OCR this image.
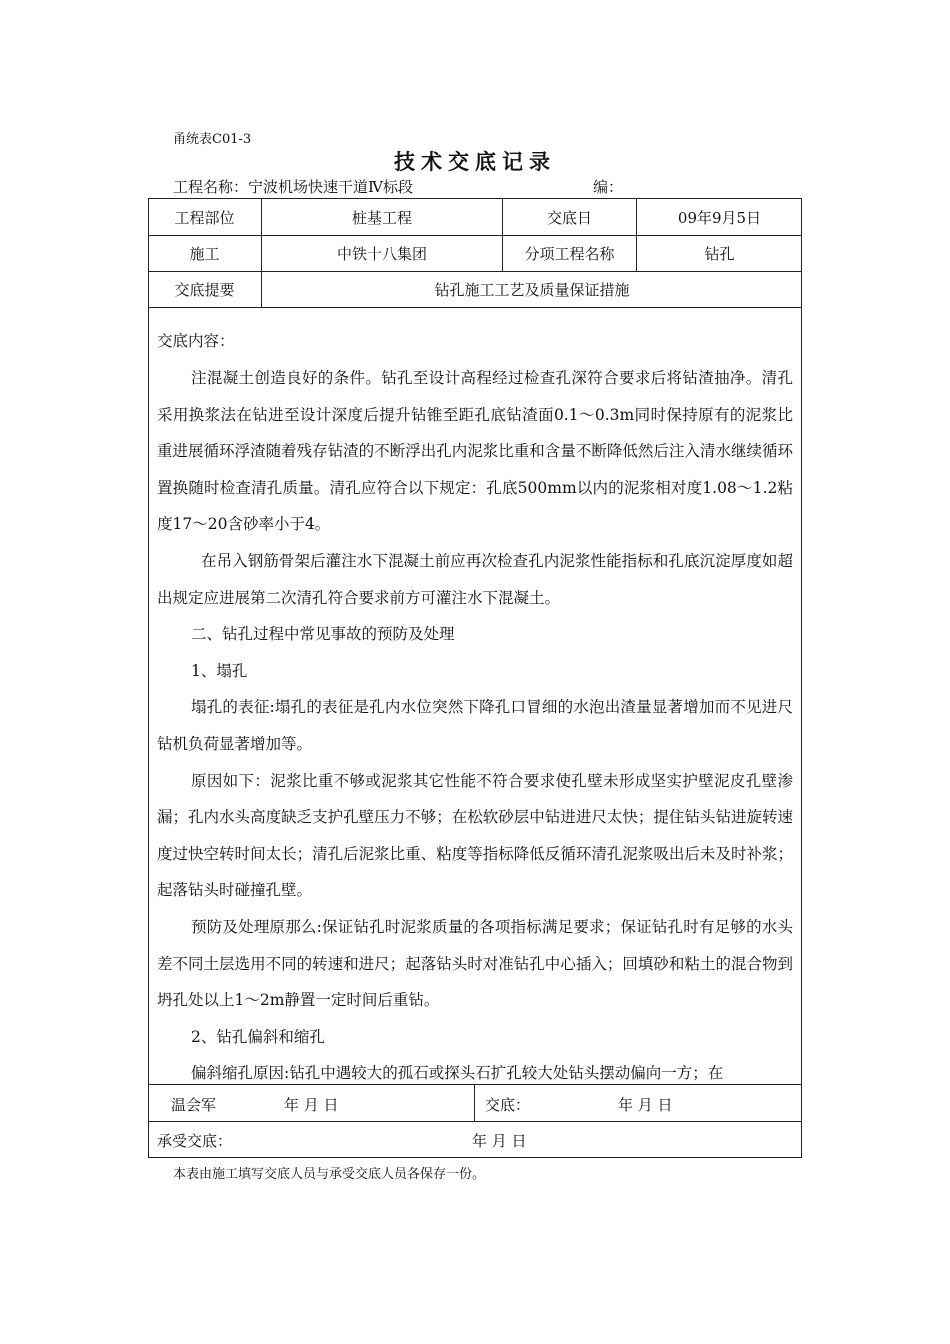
甬统表C01-3
技术交底记录
工程名称：宁波机场快速干道Ⅳ标段	编：
工程部位	桩基工程	交底日	09年9月5日
施工	中铁十八集团	分项工程名称	钻孔
交底提要	钻孔施工工艺及质量保证措施

交底内容：

注混凝土创造良好的条件。钻孔至设计高程经过检查孔深符合要求后将钻渣抽净。清孔采用换浆法在钻进至设计深度后提升钻锥至距孔底钻渣面0.1～0.3m同时保持原有的泥浆比重进展循环浮渣随着残存钻渣的不断浮出孔内泥浆比重和含量不断降低然后注入清水继续循环置换随时检查清孔质量。清孔应符合以下规定：孔底500mm以内的泥浆相对度1.08～1.2粘度17～20含砂率小于4。

在吊入钢筋骨架后灌注水下混凝土前应再次检查孔内泥浆性能指标和孔底沉淀厚度如超出规定应进展第二次清孔符合要求前方可灌注水下混凝土。

二、钻孔过程中常见事故的预防及处理

1、塌孔

塌孔的表征:塌孔的表征是孔内水位突然下降孔口冒细的水泡出渣量显著增加而不见进尺钻机负荷显著增加等。

原因如下：泥浆比重不够或泥浆其它性能不符合要求使孔壁未形成坚实护壁泥皮孔壁渗漏；孔内水头高度缺乏支护孔壁压力不够；在松软砂层中钻进进尺太快；提住钻头钻进旋转速度过快空转时间太长；清孔后泥浆比重、粘度等指标降低反循环清孔泥浆吸出后未及时补浆；起落钻头时碰撞孔壁。

预防及处理原那么:保证钻孔时泥浆质量的各项指标满足要求；保证钻孔时有足够的水头差不同土层选用不同的转速和进尺；起落钻头时对准钻孔中心插入；回填砂和粘土的混合物到坍孔处以上1～2m静置一定时间后重钻。

2、钻孔偏斜和缩孔

偏斜缩孔原因:钻孔中遇较大的孤石或探头石扩孔较大处钻头摆动偏向一方；在

温会军	年 月 日	交底：	年 月 日
承受交底：	年 月 日
本表由施工填写交底人员与承受交底人员各保存一份。
